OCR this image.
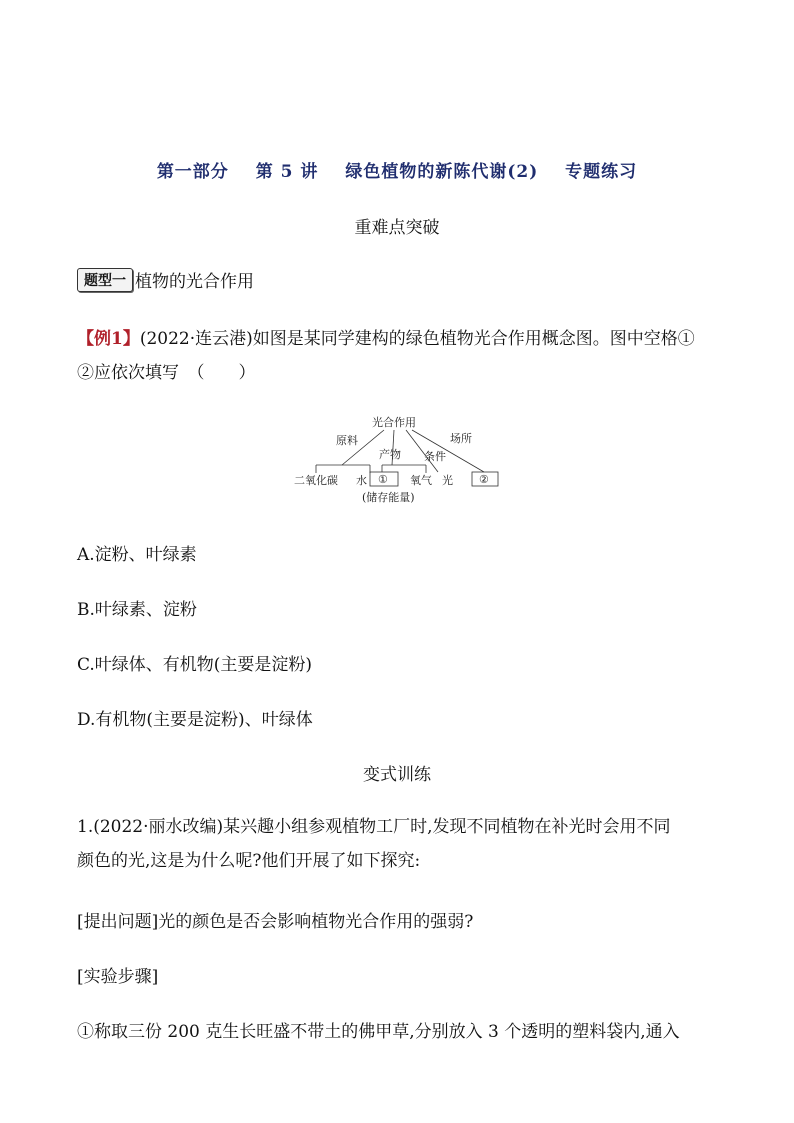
第一部分 第 5 讲 绿色植物的新陈代谢(2) 专题练习
重难点突破
题型一 植物的光合作用
【例1】(2022·连云港)如图是某同学建构的绿色植物光合作用概念图。图中空格①
②应依次填写　（　　）
光合作用
原料
产物 条件
场所
二氧化碳 水 ① 氧气 光 ②
(储存能量)
A.淀粉、叶绿素
B.叶绿素、淀粉
C.叶绿体、有机物(主要是淀粉)
D.有机物(主要是淀粉)、叶绿体
变式训练
1.(2022·丽水改编)某兴趣小组参观植物工厂时,发现不同植物在补光时会用不同
颜色的光,这是为什么呢?他们开展了如下探究:
[提出问题]光的颜色是否会影响植物光合作用的强弱?
[实验步骤]
①称取三份 200 克生长旺盛不带土的佛甲草,分别放入 3 个透明的塑料袋内,通入
